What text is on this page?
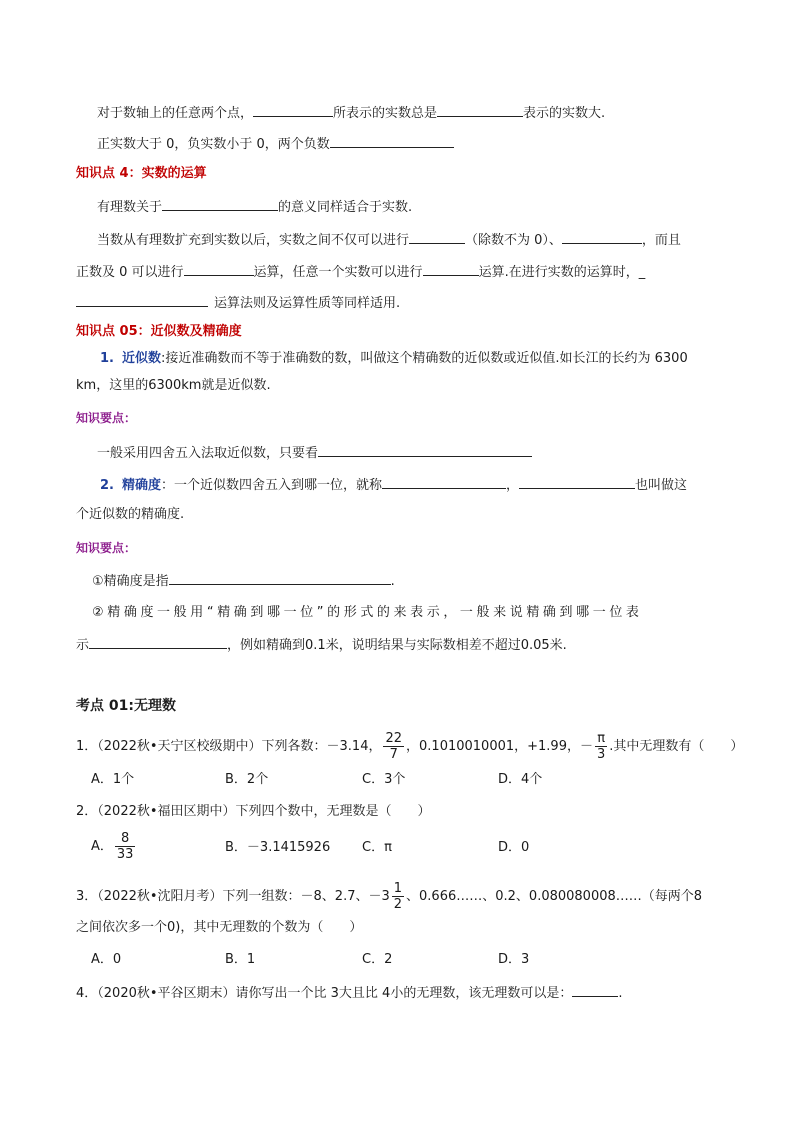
对于数轴上的任意两个点，	所表示的实数总是	表示的实数大.
正实数大于 0，负实数小于 0，两个负数
知识点 4：实数的运算
有理数关于	的意义同样适合于实数.
当数从有理数扩充到实数以后，实数之间不仅可以进行	（除数不为 0）、	，而且
正数及 0 可以进行	运算，任意一个实数可以进行	运算.在进行实数的运算时，_
运算法则及运算性质等同样适用.
知识点 05：近似数及精确度
1. 近似数:接近准确数而不等于准确数的数，叫做这个精确数的近似数或近似值.如长江的长约为 6300
km，这里的6300km就是近似数.
知识要点：
一般采用四舍五入法取近似数，只要看
2. 精确度：一个近似数四舍五入到哪一位，就称	，	也叫做这
个近似数的精确度.
知识要点：
①精确度是指	.
②精确度一般用“精确到哪一位”的形式的来表示，一般来说精确到哪一位表
示	，例如精确到0.1米，说明结果与实际数相差不超过0.05米.
考点 01:无理数
1．（2022秋•天宁区校级期中）下列各数：－3.14， $\frac{22}{7}$ ，0.1010010001，+1.99，－ $\frac{\pi}{3}$ .其中无理数有（　　）
A．1个	B．2个	C．3个	D．4个
2．（2022秋•福田区期中）下列四个数中，无理数是（　　）
A． $\frac{8}{33}$	B．－3.1415926 C．π	D．0
3．（2022秋•沈阳月考）下列一组数：－8、2.7、$-3 \frac{1}{2}$ 、0.666……、0.2、0.080080008……（每两个8
之间依次多一个0)，其中无理数的个数为（　　）
A．0	B．1	C．2	D．3
4．（2020秋•平谷区期末）请你写出一个比 3大且比 4小的无理数，该无理数可以是：	.
